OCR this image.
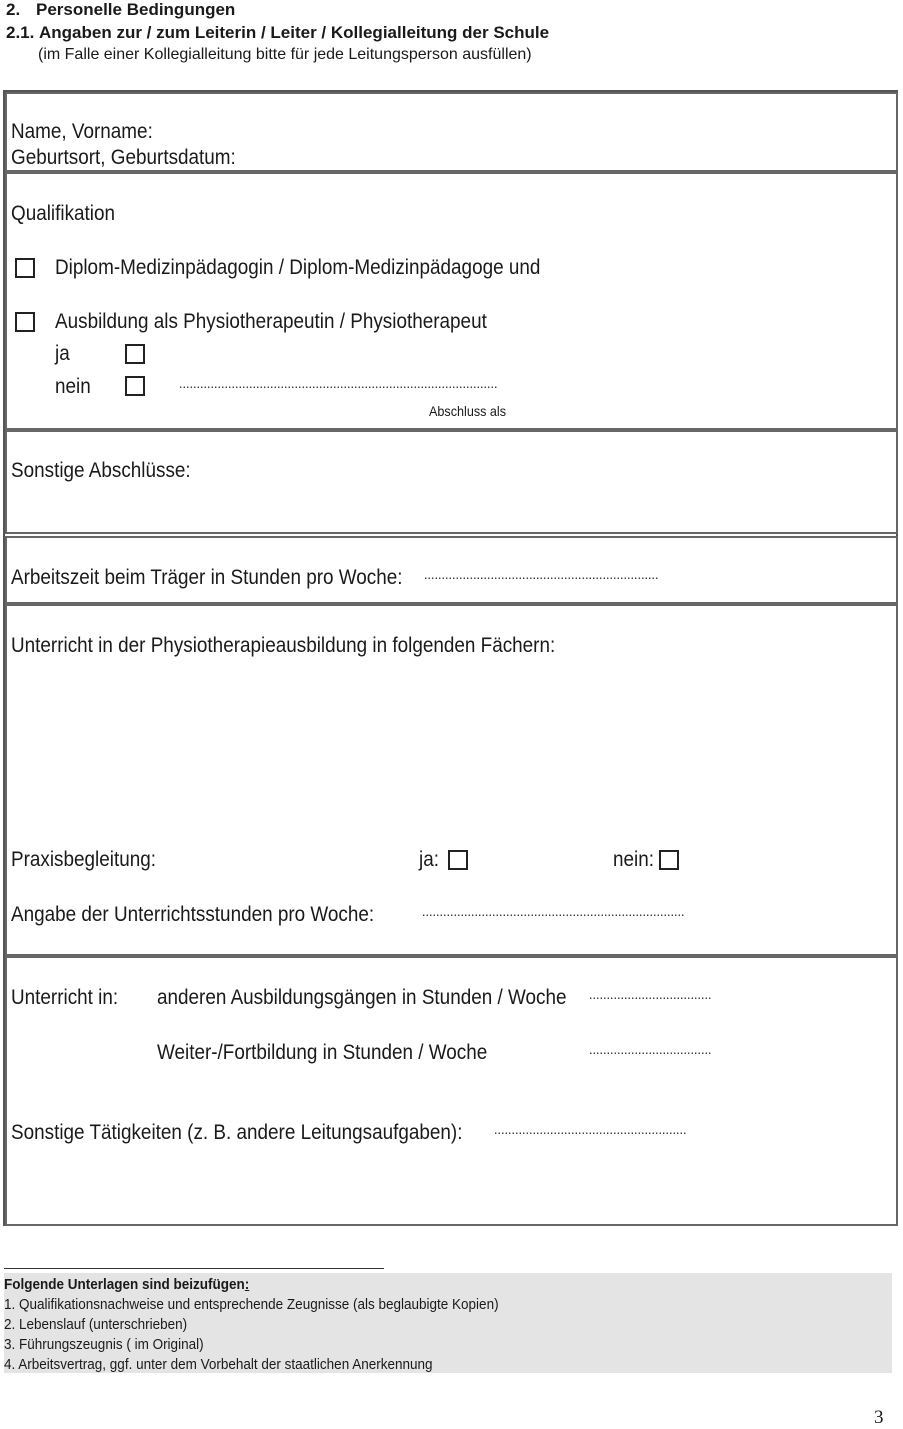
2. Personelle Bedingungen
2.1. Angaben zur / zum Leiterin / Leiter / Kollegialleitung der Schule
(im Falle einer Kollegialleitung bitte für jede Leitungsperson ausfüllen)
Name, Vorname:
Geburtsort, Geburtsdatum:
Qualifikation
Diplom-Medizinpädagogin / Diplom-Medizinpädagoge und
Ausbildung als Physiotherapeutin / Physiotherapeut
ja
nein	...........................................................................................
Abschluss als
Sonstige Abschlüsse:
Arbeitszeit beim Träger in Stunden pro Woche: ...................................................................
Unterricht in der Physiotherapieausbildung in folgenden Fächern:
Praxisbegleitung:	ja:	nein:
Angabe der Unterrichtsstunden pro Woche:	...........................................................................
Unterricht in: anderen Ausbildungsgängen in Stunden / Woche ...................................
Weiter-/Fortbildung in Stunden / Woche	...................................
Sonstige Tätigkeiten (z. B. andere Leitungsaufgaben): .......................................................
Folgende Unterlagen sind beizufügen:
1. Qualifikationsnachweise und entsprechende Zeugnisse (als beglaubigte Kopien)
2. Lebenslauf (unterschrieben)
3. Führungszeugnis ( im Original)
4. Arbeitsvertrag, ggf. unter dem Vorbehalt der staatlichen Anerkennung
3
